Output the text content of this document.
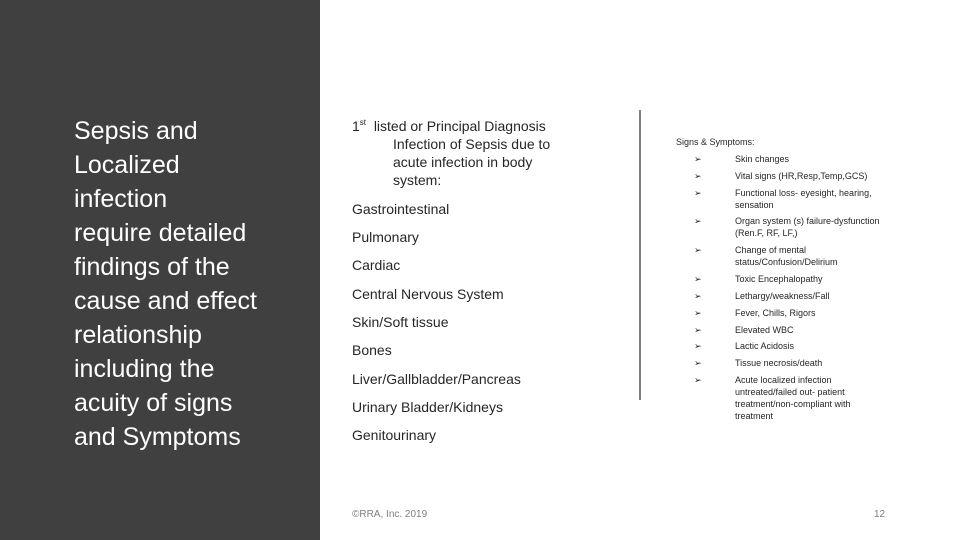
Sepsis and
Localized
infection
require detailed
findings of the
cause and effect
relationship
including the
acuity of signs
and Symptoms
1st listed or Principal Diagnosis
Infection of Sepsis due to
acute infection in body
system:
Gastrointestinal
Pulmonary
Cardiac
Central Nervous System
Skin/Soft tissue
Bones
Liver/Gallbladder/Pancreas
Urinary Bladder/Kidneys
Genitourinary
Signs & Symptoms:
➢	Skin changes
➢	Vital signs (HR,Resp,Temp,GCS)
➢	Functional loss- eyesight, hearing,
sensation
➢	Organ system (s) failure-dysfunction
(Ren.F, RF, LF,)
➢	Change of mental
status/Confusion/Delirium
➢	Toxic Encephalopathy
➢	Lethargy/weakness/Fall
➢	Fever, Chills, Rigors
➢	Elevated WBC
➢	Lactic Acidosis
➢	Tissue necrosis/death
➢	Acute localized infection
untreated/failed out- patient
treatment/non-compliant with
treatment
©RRA, Inc. 2019	12
